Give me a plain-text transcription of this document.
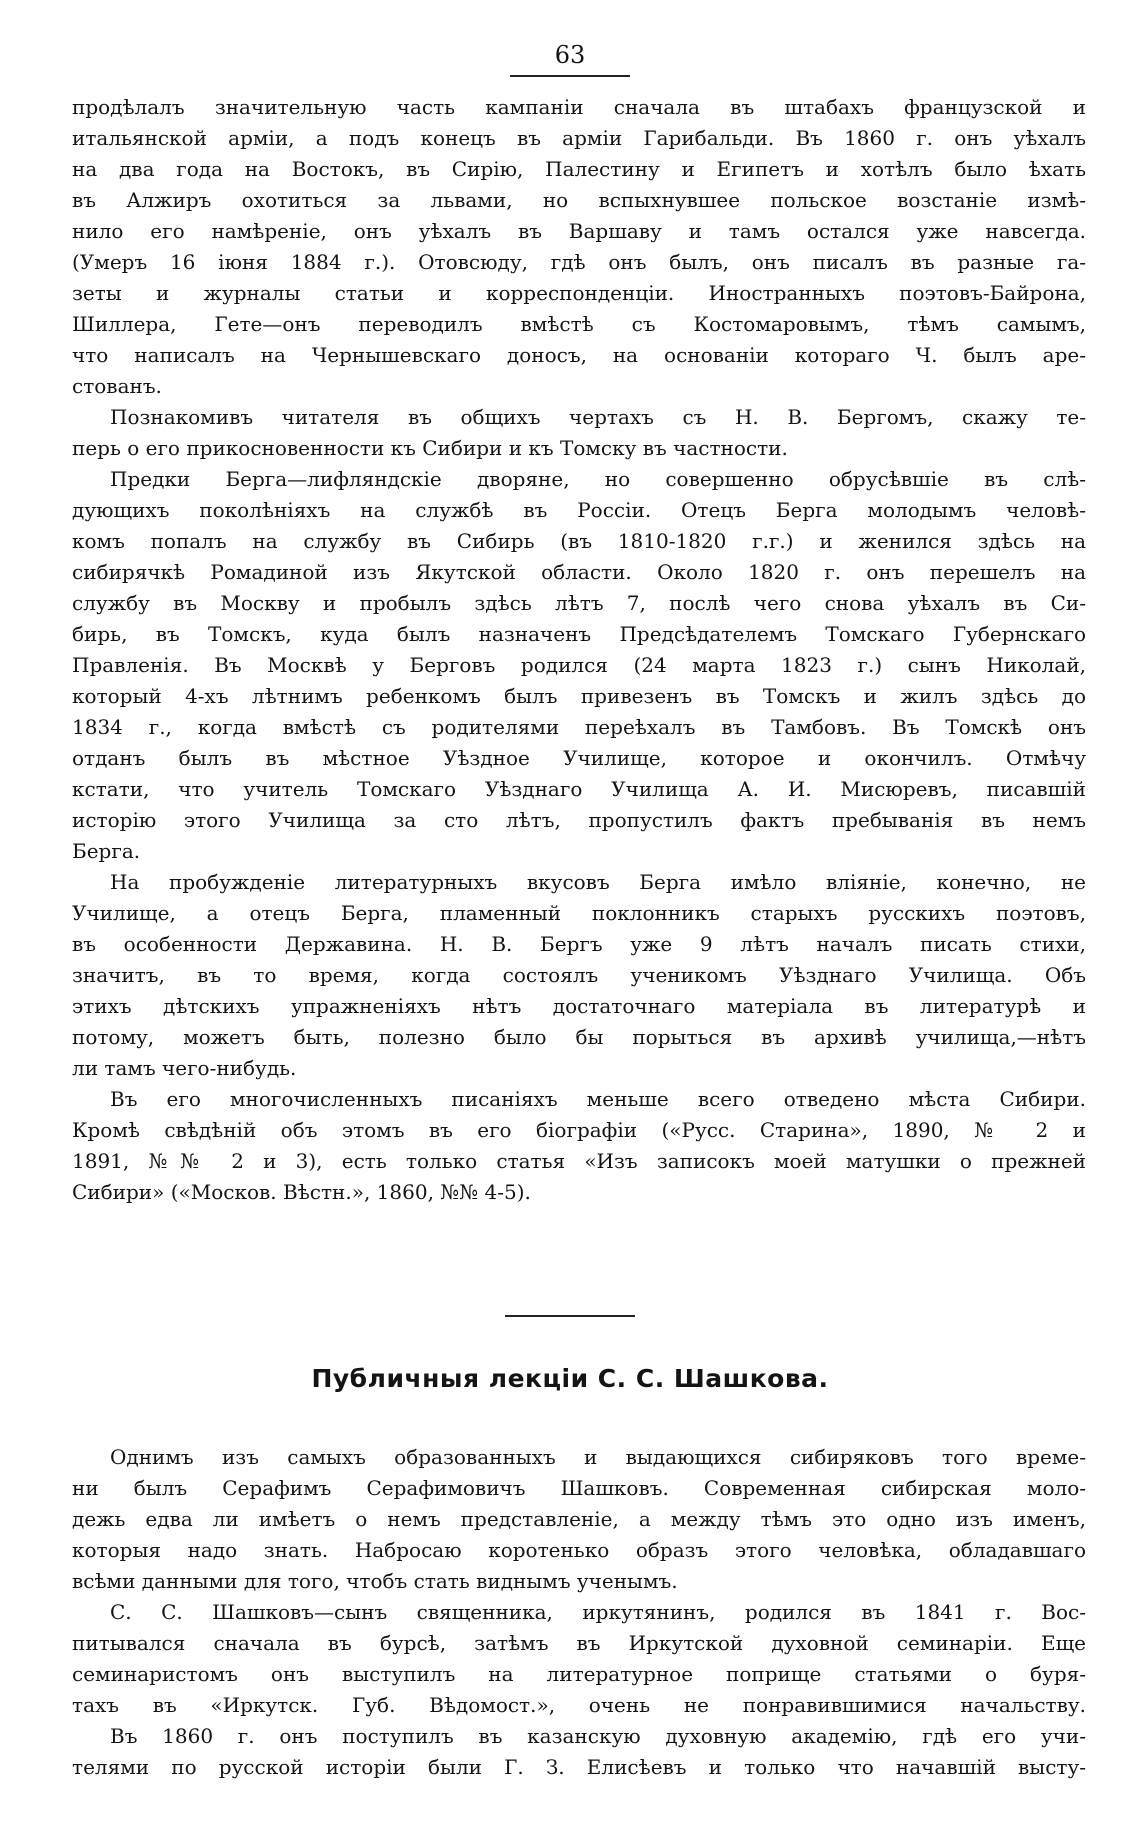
63
продѣлалъ значительную часть кампаніи сначала въ штабахъ французской и
итальянской арміи, а подъ конецъ въ арміи Гарибальди. Въ 1860 г. онъ уѣхалъ
на два года на Востокъ, въ Сирію, Палестину и Египетъ и хотѣлъ было ѣхать
въ Алжиръ охотиться за львами, но вспыхнувшее польское возстаніе измѣ-
нило его намѣреніе, онъ уѣхалъ въ Варшаву и тамъ остался уже навсегда.
(Умеръ 16 іюня 1884 г.). Отовсюду, гдѣ онъ былъ, онъ писалъ въ разные га-
зеты и журналы статьи и корреспонденціи. Иностранныхъ поэтовъ-Байрона,
Шиллера, Гете—онъ переводилъ вмѣстѣ съ Костомаровымъ, тѣмъ самымъ,
что написалъ на Чернышевскаго доносъ, на основаніи котораго Ч. былъ аре-
стованъ.
Познакомивъ читателя въ общихъ чертахъ съ Н. В. Бергомъ, скажу те-
перь о его прикосновенности къ Сибири и къ Томску въ частности.
Предки Берга—лифляндскіе дворяне, но совершенно обрусѣвшіе въ слѣ-
дующихъ поколѣніяхъ на службѣ въ Россіи. Отецъ Берга молодымъ человѣ-
комъ попалъ на службу въ Сибирь (въ 1810-1820 г.г.) и женился здѣсь на
сибирячкѣ Ромадиной изъ Якутской области. Около 1820 г. онъ перешелъ на
службу въ Москву и пробылъ здѣсь лѣтъ 7, послѣ чего снова уѣхалъ въ Си-
бирь, въ Томскъ, куда былъ назначенъ Предсѣдателемъ Томскаго Губернскаго
Правленія. Въ Москвѣ у Берговъ родился (24 марта 1823 г.) сынъ Николай,
который 4-хъ лѣтнимъ ребенкомъ былъ привезенъ въ Томскъ и жилъ здѣсь до
1834 г., когда вмѣстѣ съ родителями переѣхалъ въ Тамбовъ. Въ Томскѣ онъ
отданъ былъ въ мѣстное Уѣздное Училище, которое и окончилъ. Отмѣчу
кстати, что учитель Томскаго Уѣзднаго Училища А. И. Мисюревъ, писавшій
исторію этого Училища за сто лѣтъ, пропустилъ фактъ пребыванія въ немъ
Берга.
На пробужденіе литературныхъ вкусовъ Берга имѣло вліяніе, конечно, не
Училище, а отецъ Берга, пламенный поклонникъ старыхъ русскихъ поэтовъ,
въ особенности Державина. Н. В. Бергъ уже 9 лѣтъ началъ писать стихи,
значитъ, въ то время, когда состоялъ ученикомъ Уѣзднаго Училища. Объ
этихъ дѣтскихъ упражненіяхъ нѣтъ достаточнаго матеріала въ литературѣ и
потому, можетъ быть, полезно было бы порыться въ архивѣ училища,—нѣтъ
ли тамъ чего-нибудь.
Въ его многочисленныхъ писаніяхъ меньше всего отведено мѣста Сибири.
Кромѣ свѣдѣній объ этомъ въ его біографіи («Русс. Старина», 1890, № 2 и
1891, №№ 2 и 3), есть только статья «Изъ записокъ моей матушки о прежней
Сибири» («Москов. Вѣстн.», 1860, №№ 4-5).
Публичныя лекціи С. С. Шашкова.
Однимъ изъ самыхъ образованныхъ и выдающихся сибиряковъ того време-
ни былъ Серафимъ Серафимовичъ Шашковъ. Современная сибирская моло-
дежь едва ли имѣетъ о немъ представленіе, а между тѣмъ это одно изъ именъ,
которыя надо знать. Набросаю коротенько образъ этого человѣка, обладавшаго
всѣми данными для того, чтобъ стать виднымъ ученымъ.
С. С. Шашковъ—сынъ священника, иркутянинъ, родился въ 1841 г. Вос-
питывался сначала въ бурсѣ, затѣмъ въ Иркутской духовной семинаріи. Еще
семинаристомъ онъ выступилъ на литературное поприще статьями о буря-
тахъ въ «Иркутск. Губ. Вѣдомост.», очень не понравившимися начальству.
Въ 1860 г. онъ поступилъ въ казанскую духовную академію, гдѣ его учи-
телями по русской исторіи были Г. З. Елисѣевъ и только что начавшій высту-
